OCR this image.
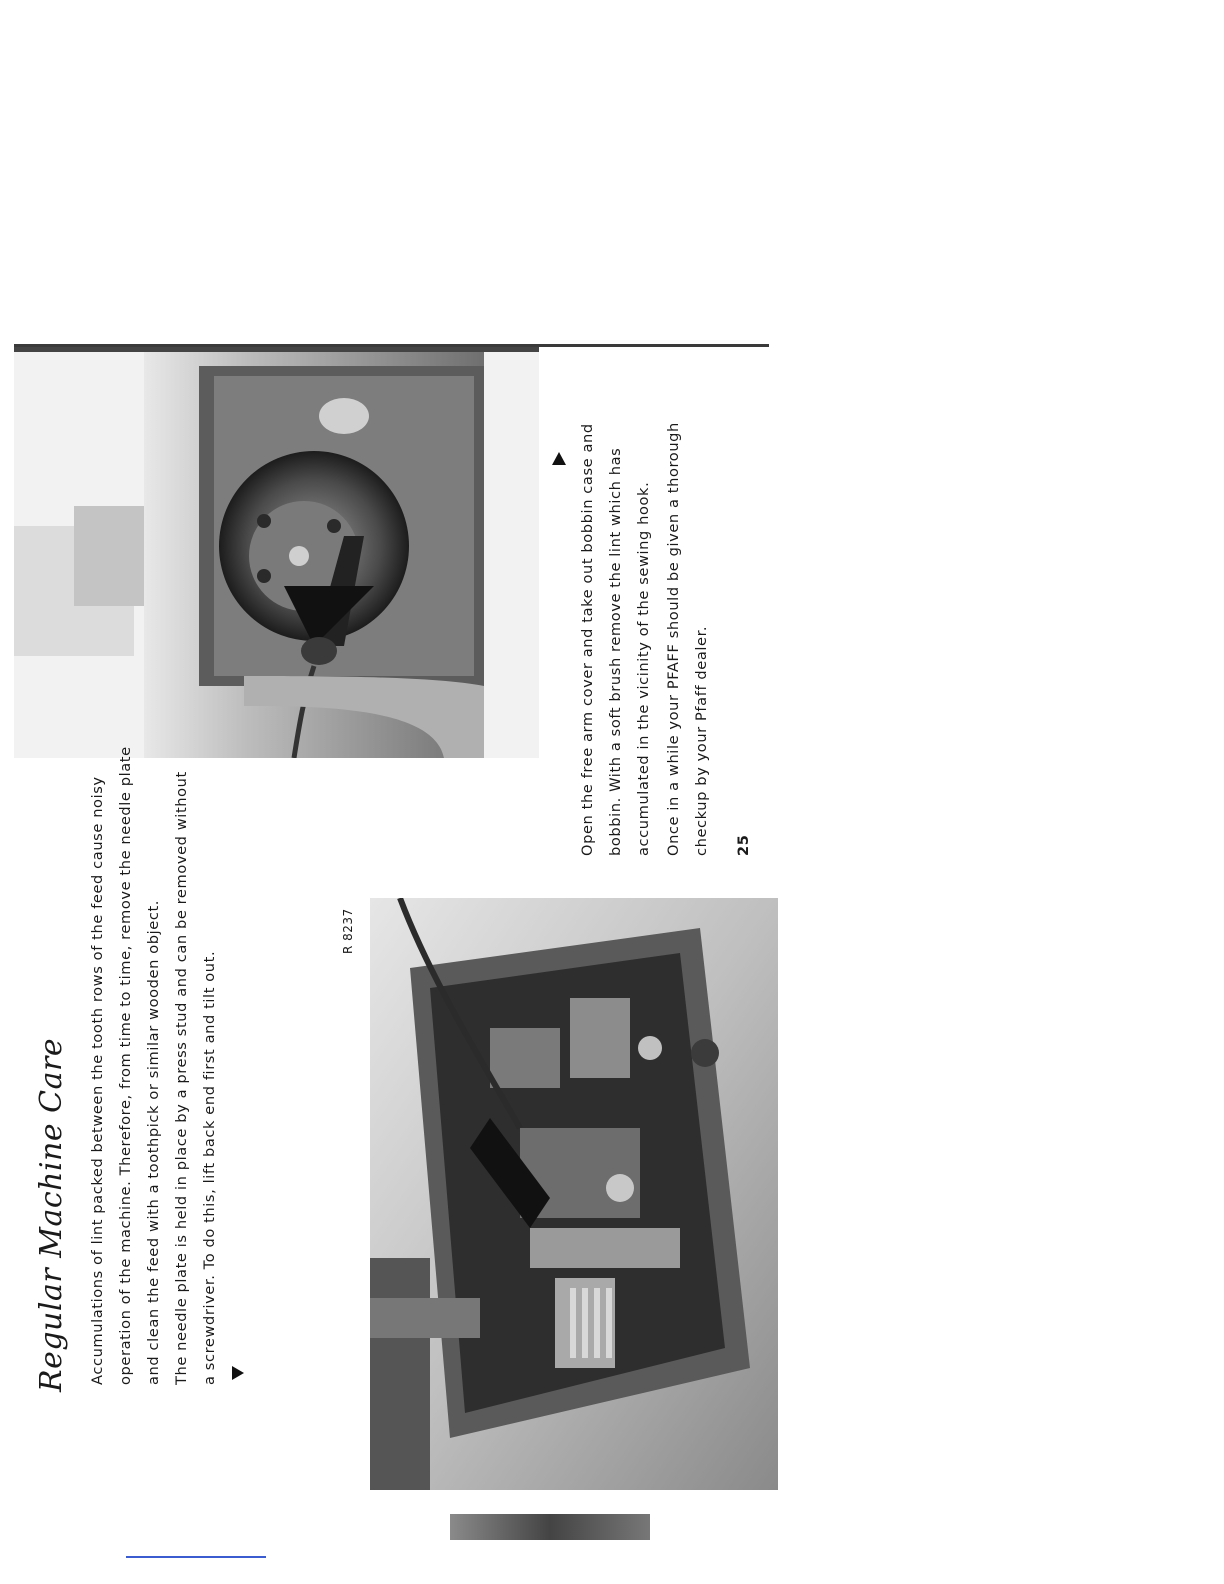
Regular Machine Care	Accumulations of lint packed between the tooth rows of the feed cause noisy operation of the machine. Therefore, from time to time, remove the needle plate and clean the feed with a toothpick or similar wooden object. The needle plate is held in place by a press stud and can be removed without a screwdriver. To do this, lift back end first and tilt out.
R 8237
Open the free arm cover and take out bobbin case and bobbin. With a soft brush remove the lint which has accumulated in the vicinity of the sewing hook. Once in a while your PFAFF should be given a thorough checkup by your Pfaff dealer.	25
